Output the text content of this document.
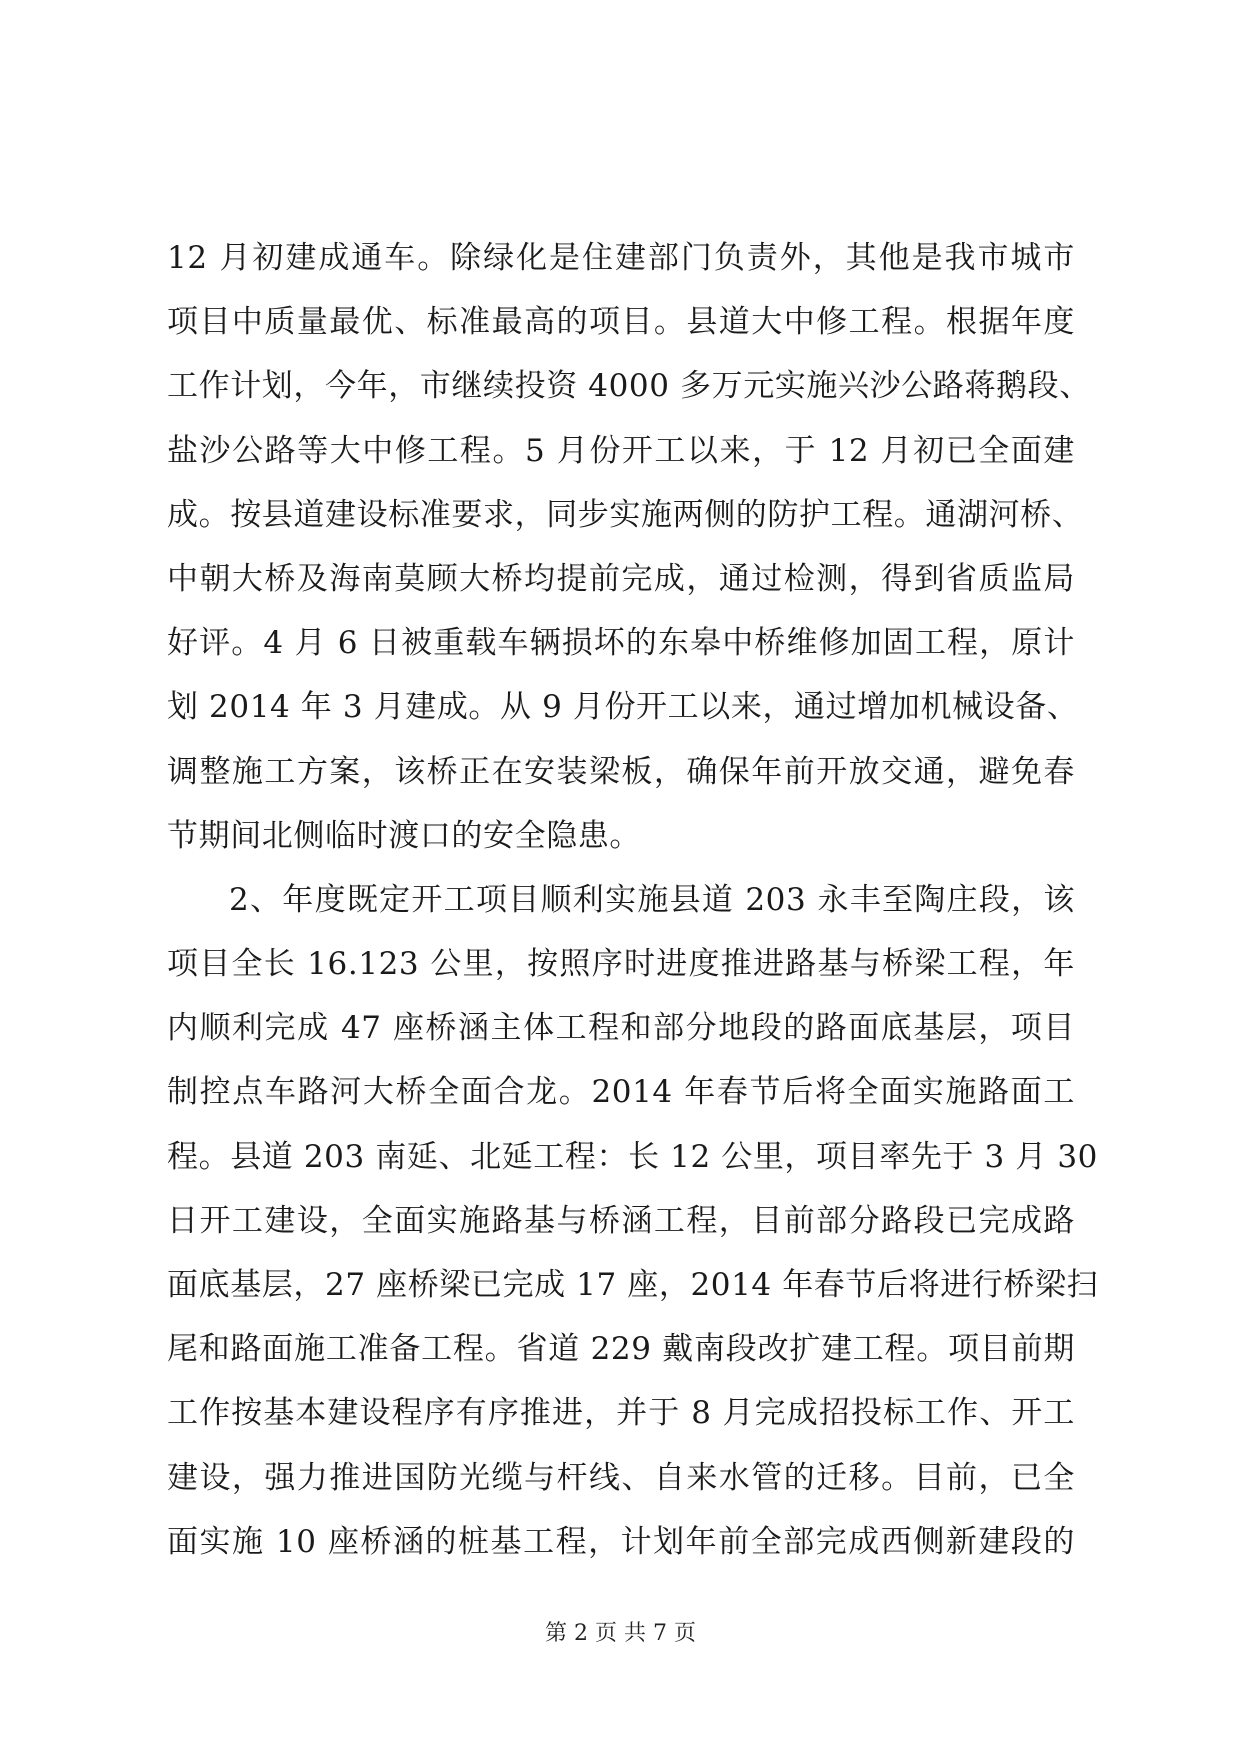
12 月初建成通车。除绿化是住建部门负责外，其他是我市城市
项目中质量最优、标准最高的项目。县道大中修工程。根据年度
工作计划，今年，市继续投资 4000 多万元实施兴沙公路蒋鹅段、
盐沙公路等大中修工程。5 月份开工以来，于 12 月初已全面建
成。按县道建设标准要求，同步实施两侧的防护工程。通湖河桥、
中朝大桥及海南莫顾大桥均提前完成，通过检测，得到省质监局
好评。4 月 6 日被重载车辆损坏的东皋中桥维修加固工程，原计
划 2014 年 3 月建成。从 9 月份开工以来，通过增加机械设备、
调整施工方案，该桥正在安装梁板，确保年前开放交通，避免春
节期间北侧临时渡口的安全隐患。
2、年度既定开工项目顺利实施县道 203 永丰至陶庄段，该
项目全长 16.123 公里，按照序时进度推进路基与桥梁工程，年
内顺利完成 47 座桥涵主体工程和部分地段的路面底基层，项目
制控点车路河大桥全面合龙。2014 年春节后将全面实施路面工
程。县道 203 南延、北延工程：长 12 公里，项目率先于 3 月 30
日开工建设，全面实施路基与桥涵工程，目前部分路段已完成路
面底基层，27 座桥梁已完成 17 座，2014 年春节后将进行桥梁扫
尾和路面施工准备工程。省道 229 戴南段改扩建工程。项目前期
工作按基本建设程序有序推进，并于 8 月完成招投标工作、开工
建设，强力推进国防光缆与杆线、自来水管的迁移。目前，已全
面实施 10 座桥涵的桩基工程，计划年前全部完成西侧新建段的
第 2 页 共 7 页
